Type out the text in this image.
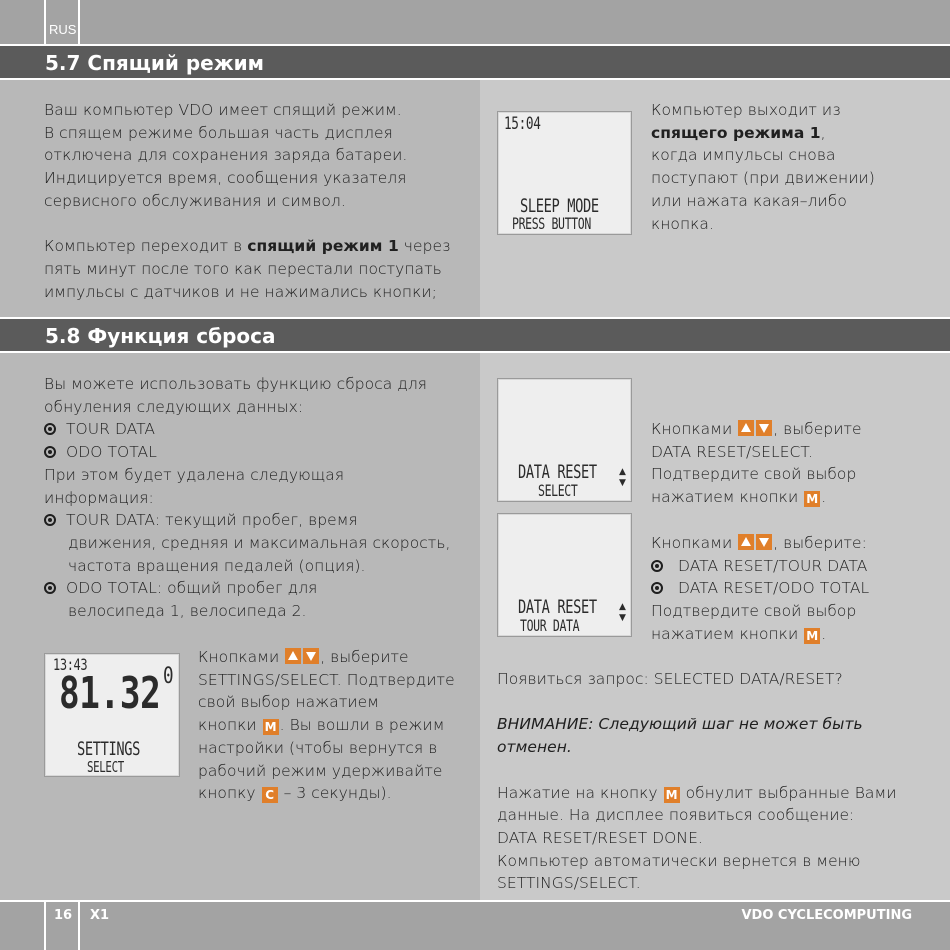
RUS
5.7 Спящий режим
Ваш компьютер VDO имеет спящий режим.
В спящем режиме большая часть дисплея
отключена для сохранения заряда батареи.
Индицируется время, сообщения указателя
сервисного обслуживания и символ.

Компьютер переходит в спящий режим 1 через
пять минут после того как перестали поступать
импульсы с датчиков и не нажимались кнопки;
15:04
SLEEP MODE
PRESS BUTTON
Компьютер выходит из
спящего режима 1,
когда импульсы снова
поступают (при движении)
или нажата какая–либо
кнопка.
5.8 Функция сброса
Вы можете использовать функцию сброса для
обнуления следующих данных:
TOUR DATA
ODO TOTAL
При этом будет удалена следующая
информация:
TOUR DATA: текущий пробег, время
движения, средняя и максимальная скорость,
частота вращения педалей (опция).
ODO TOTAL: общий пробег для
велосипеда 1, велосипеда 2.
13:43
81.32 0
SETTINGS
SELECT
Кнопками	, выберите
SETTINGS/SELECT. Подтвердите
свой выбор нажатием
кнопки M . Вы вошли в режим
настройки (чтобы вернутся в
рабочий режим удерживайте
кнопку C – 3 секунды).
DATA RESET
SELECT
▲
▼
DATA RESET
TOUR DATA
▲
▼
Кнопками	, выберите
DATA RESET/SELECT.
Подтвердите свой выбор
нажатием кнопки M .
Кнопками	, выберите:
DATA RESET/TOUR DATA
DATA RESET/ODO TOTAL
Подтвердите свой выбор
нажатием кнопки M .
Появиться запрос: SELECTED DATA/RESET?

ВНИМАНИЕ: Следующий шаг не может быть
отменен.

Нажатие на кнопку M обнулит выбранные Вами
данные. На дисплее появиться сообщение:
DATA RESET/RESET DONE.
Компьютер автоматически вернется в меню
SETTINGS/SELECT.
16 X1	VDO CYCLECOMPUTING
